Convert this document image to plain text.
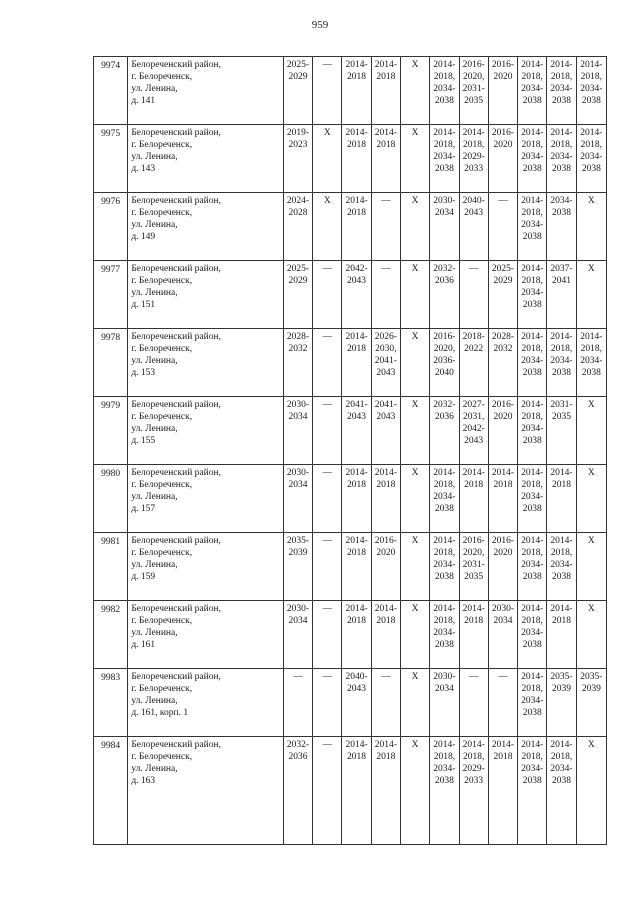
959
9974	Белореченский район,
г. Белореченск,
ул. Ленина,
д. 141	2025-
2029	—	2014-
2018	2014-
2018	X	2014-
2018,
2034-
2038	2016-
2020,
2031-
2035	2016-
2020	2014-
2018,
2034-
2038	2014-
2018,
2034-
2038	2014-
2018,
2034-
2038
9975	Белореченский район,
г. Белореченск,
ул. Ленина,
д. 143	2019-
2023	X	2014-
2018	2014-
2018	X	2014-
2018,
2034-
2038	2014-
2018,
2029-
2033	2016-
2020	2014-
2018,
2034-
2038	2014-
2018,
2034-
2038	2014-
2018,
2034-
2038
9976	Белореченский район,
г. Белореченск,
ул. Ленина,
д. 149	2024-
2028	X	2014-
2018	—	X	2030-
2034	2040-
2043	—	2014-
2018,
2034-
2038	2034-
2038	X
9977	Белореченский район,
г. Белореченск,
ул. Ленина,
д. 151	2025-
2029	—	2042-
2043	—	X	2032-
2036	—	2025-
2029	2014-
2018,
2034-
2038	2037-
2041	X
9978	Белореченский район,
г. Белореченск,
ул. Ленина,
д. 153	2028-
2032	—	2014-
2018	2026-
2030,
2041-
2043	X	2016-
2020,
2036-
2040	2018-
2022	2028-
2032	2014-
2018,
2034-
2038	2014-
2018,
2034-
2038	2014-
2018,
2034-
2038
9979	Белореченский район,
г. Белореченск,
ул. Ленина,
д. 155	2030-
2034	—	2041-
2043	2041-
2043	X	2032-
2036	2027-
2031,
2042-
2043	2016-
2020	2014-
2018,
2034-
2038	2031-
2035	X
9980	Белореченский район,
г. Белореченск,
ул. Ленина,
д. 157	2030-
2034	—	2014-
2018	2014-
2018	X	2014-
2018,
2034-
2038	2014-
2018	2014-
2018	2014-
2018,
2034-
2038	2014-
2018	X
9981	Белореченский район,
г. Белореченск,
ул. Ленина,
д. 159	2035-
2039	—	2014-
2018	2016-
2020	X	2014-
2018,
2034-
2038	2016-
2020,
2031-
2035	2016-
2020	2014-
2018,
2034-
2038	2014-
2018,
2034-
2038	X
9982	Белореченский район,
г. Белореченск,
ул. Ленина,
д. 161	2030-
2034	—	2014-
2018	2014-
2018	X	2014-
2018,
2034-
2038	2014-
2018	2030-
2034	2014-
2018,
2034-
2038	2014-
2018	X
9983	Белореченский район,
г. Белореченск,
ул. Ленина,
д. 161, корп. 1	—	—	2040-
2043	—	X	2030-
2034	—	—	2014-
2018,
2034-
2038	2035-
2039	2035-
2039
9984	Белореченский район,
г. Белореченск,
ул. Ленина,
д. 163	2032-
2036	—	2014-
2018	2014-
2018	X	2014-
2018,
2034-
2038	2014-
2018,
2029-
2033	2014-
2018	2014-
2018,
2034-
2038	2014-
2018,
2034-
2038	X
